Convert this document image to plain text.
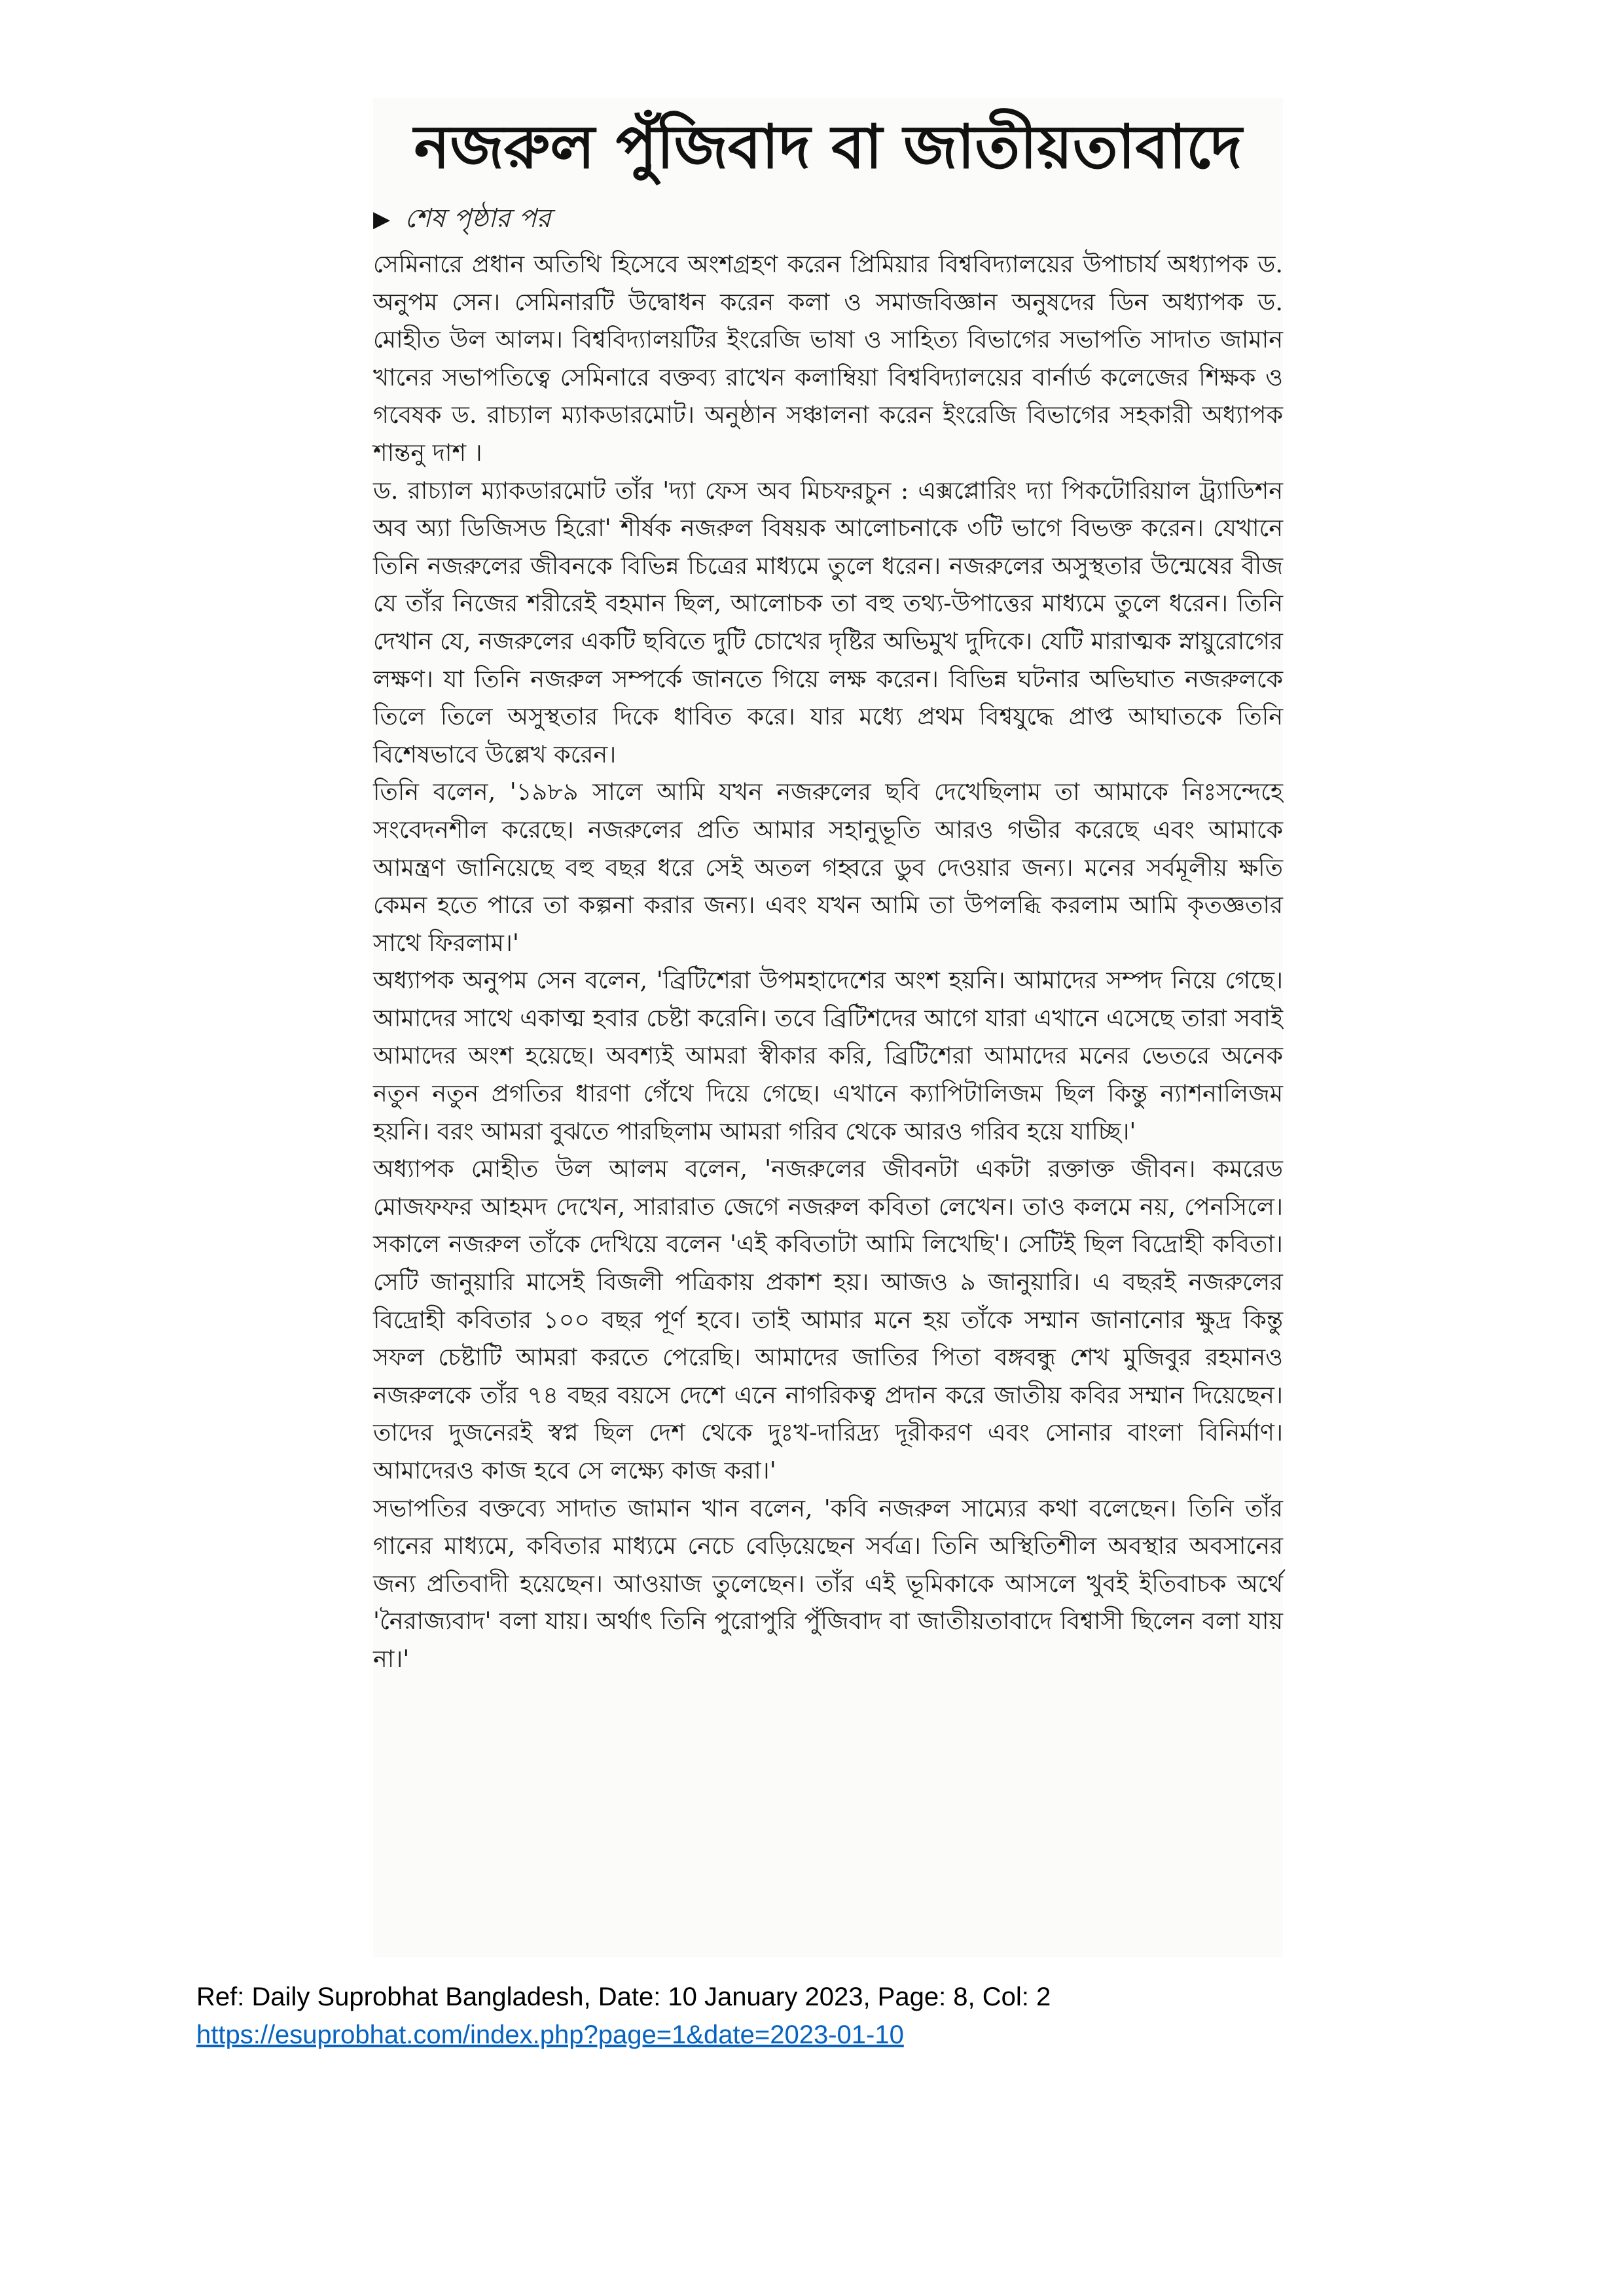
নজরুল পুঁজিবাদ বা জাতীয়তাবাদে
▶ শেষ পৃষ্ঠার পর

সেমিনারে প্রধান অতিথি হিসেবে অংশগ্রহণ করেন প্রিমিয়ার বিশ্ববিদ্যালয়ের উপাচার্য অধ্যাপক ড. অনুপম সেন। সেমিনারটি উদ্বোধন করেন কলা ও সমাজবিজ্ঞান অনুষদের ডিন অধ্যাপক ড. মোহীত উল আলম। বিশ্ববিদ্যালয়টির ইংরেজি ভাষা ও সাহিত্য বিভাগের সভাপতি সাদাত জামান খানের সভাপতিত্বে সেমিনারে বক্তব্য রাখেন কলাম্বিয়া বিশ্ববিদ্যালয়ের বার্নার্ড কলেজের শিক্ষক ও গবেষক ড. রাচ্যাল ম্যাকডারমোট। অনুষ্ঠান সঞ্চালনা করেন ইংরেজি বিভাগের সহকারী অধ্যাপক শান্তনু দাশ ।

ড. রাচ্যাল ম্যাকডারমোট তাঁর 'দ্যা ফেস অব মিচফরচুন : এক্সপ্লোরিং দ্যা পিকটোরিয়াল ট্র্যাডিশন অব অ্যা ডিজিসড হিরো' শীর্ষক নজরুল বিষয়ক আলোচনাকে ৩টি ভাগে বিভক্ত করেন। যেখানে তিনি নজরুলের জীবনকে বিভিন্ন চিত্রের মাধ্যমে তুলে ধরেন। নজরুলের অসুস্থতার উন্মেষের বীজ যে তাঁর নিজের শরীরেই বহমান ছিল, আলোচক তা বহু তথ্য-উপাত্তের মাধ্যমে তুলে ধরেন। তিনি দেখান যে, নজরুলের একটি ছবিতে দুটি চোখের দৃষ্টির অভিমুখ দুদিকে। যেটি মারাত্মক স্নায়ুরোগের লক্ষণ। যা তিনি নজরুল সম্পর্কে জানতে গিয়ে লক্ষ করেন। বিভিন্ন ঘটনার অভিঘাত নজরুলকে তিলে তিলে অসুস্থতার দিকে ধাবিত করে। যার মধ্যে প্রথম বিশ্বযুদ্ধে প্রাপ্ত আঘাতকে তিনি বিশেষভাবে উল্লেখ করেন।

তিনি বলেন, '১৯৮৯ সালে আমি যখন নজরুলের ছবি দেখেছিলাম তা আমাকে নিঃসন্দেহে সংবেদনশীল করেছে। নজরুলের প্রতি আমার সহানুভূতি আরও গভীর করেছে এবং আমাকে আমন্ত্রণ জানিয়েছে বহু বছর ধরে সেই অতল গহ্বরে ডুব দেওয়ার জন্য। মনের সর্বমূলীয় ক্ষতি কেমন হতে পারে তা কল্পনা করার জন্য। এবং যখন আমি তা উপলব্ধি করলাম আমি কৃতজ্ঞতার সাথে ফিরলাম।'

অধ্যাপক অনুপম সেন বলেন, 'ব্রিটিশেরা উপমহাদেশের অংশ হয়নি। আমাদের সম্পদ নিয়ে গেছে। আমাদের সাথে একাত্ম হবার চেষ্টা করেনি। তবে ব্রিটিশদের আগে যারা এখানে এসেছে তারা সবাই আমাদের অংশ হয়েছে। অবশ্যই আমরা স্বীকার করি, ব্রিটিশেরা আমাদের মনের ভেতরে অনেক নতুন নতুন প্রগতির ধারণা গেঁথে দিয়ে গেছে। এখানে ক্যাপিটালিজম ছিল কিন্তু ন্যাশনালিজম হয়নি। বরং আমরা বুঝতে পারছিলাম আমরা গরিব থেকে আরও গরিব হয়ে যাচ্ছি।'

অধ্যাপক মোহীত উল আলম বলেন, 'নজরুলের জীবনটা একটা রক্তাক্ত জীবন। কমরেড মোজফফর আহমদ দেখেন, সারারাত জেগে নজরুল কবিতা লেখেন। তাও কলমে নয়, পেনসিলে। সকালে নজরুল তাঁকে দেখিয়ে বলেন 'এই কবিতাটা আমি লিখেছি'। সেটিই ছিল বিদ্রোহী কবিতা। সেটি জানুয়ারি মাসেই বিজলী পত্রিকায় প্রকাশ হয়। আজও ৯ জানুয়ারি। এ বছরই নজরুলের বিদ্রোহী কবিতার ১০০ বছর পূর্ণ হবে। তাই আমার মনে হয় তাঁকে সম্মান জানানোর ক্ষুদ্র কিন্তু সফল চেষ্টাটি আমরা করতে পেরেছি। আমাদের জাতির পিতা বঙ্গবন্ধু শেখ মুজিবুর রহমানও নজরুলকে তাঁর ৭৪ বছর বয়সে দেশে এনে নাগরিকত্ব প্রদান করে জাতীয় কবির সম্মান দিয়েছেন। তাদের দুজনেরই স্বপ্ন ছিল দেশ থেকে দুঃখ-দারিদ্র্য দূরীকরণ এবং সোনার বাংলা বিনির্মাণ। আমাদেরও কাজ হবে সে লক্ষ্যে কাজ করা।'

সভাপতির বক্তব্যে সাদাত জামান খান বলেন, 'কবি নজরুল সাম্যের কথা বলেছেন। তিনি তাঁর গানের মাধ্যমে, কবিতার মাধ্যমে নেচে বেড়িয়েছেন সর্বত্র। তিনি অস্থিতিশীল অবস্থার অবসানের জন্য প্রতিবাদী হয়েছেন। আওয়াজ তুলেছেন। তাঁর এই ভূমিকাকে আসলে খুবই ইতিবাচক অর্থে 'নৈরাজ্যবাদ' বলা যায়। অর্থাৎ তিনি পুরোপুরি পুঁজিবাদ বা জাতীয়তাবাদে বিশ্বাসী ছিলেন বলা যায় না।'

Ref: Daily Suprobhat Bangladesh, Date: 10 January 2023, Page: 8, Col: 2
https://esuprobhat.com/index.php?page=1&date=2023-01-10
